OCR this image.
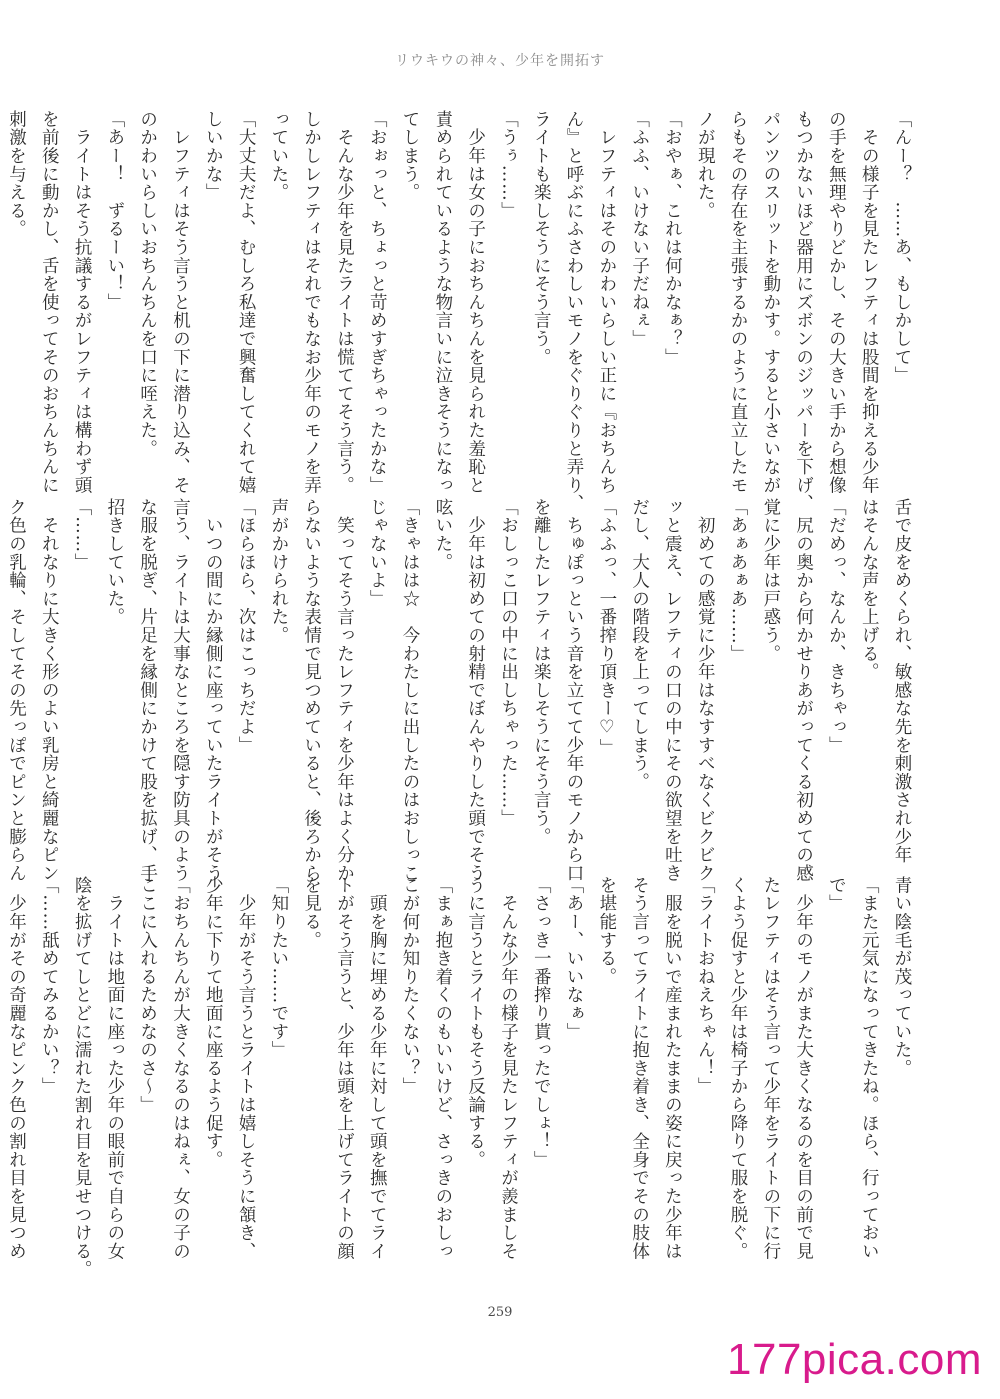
リウキウの神々、少年を開拓す
「んー？　……あ、もしかして」
　その様子を見たレフティは股間を抑える少年
の手を無理やりどかし、その大きい手から想像
もつかないほど器用にズボンのジッパーを下げ、
パンツのスリットを動かす。すると小さいなが
らもその存在を主張するかのように直立したモ
ノが現れた。
「おやぁ、これは何かなぁ？」
「ふふ、いけない子だねぇ」
　レフティはそのかわいらしい正に『おちんち
ん』と呼ぶにふさわしいモノをぐりぐりと弄り、
ライトも楽しそうにそう言う。
「うぅ……」
　少年は女の子におちんちんを見られた羞恥と
責められているような物言いに泣きそうになっ
てしまう。
「おぉっと、ちょっと苛めすぎちゃったかな」
　そんな少年を見たライトは慌ててそう言う。
しかしレフティはそれでもなお少年のモノを弄
っていた。
「大丈夫だよ、むしろ私達で興奮してくれて嬉
しいかな」
　レフティはそう言うと机の下に潜り込み、そ
のかわいらしいおちんちんを口に咥えた。
「あー！　ずるーい！」
　ライトはそう抗議するがレフティは構わず頭
を前後に動かし、舌を使ってそのおちんちんに
刺激を与える。
舌で皮をめくられ、敏感な先を刺激され少年
はそんな声を上げる。
「だめっ、なんか、きちゃっ」
　尻の奥から何かせりあがってくる初めての感
覚に少年は戸惑う。
「あぁあぁあ……」
　初めての感覚に少年はなすすべなくビクビク
ッと震え、レフティの口の中にその欲望を吐き
だし、大人の階段を上ってしまう。
「ふふっ、一番搾り頂きー♡」
　ちゅぽっという音を立てて少年のモノから口
を離したレフティは楽しそうにそう言う。
「おしっこ口の中に出しちゃった……」
　少年は初めての射精でぼんやりした頭でそう
呟いた。
「きゃはは☆　今わたしに出したのはおしっこ
じゃないよ」
　笑ってそう言ったレフティを少年はよく分か
らないような表情で見つめていると、後ろから
声がかけられた。
「ほらほら、次はこっちだよ」
　いつの間にか縁側に座っていたライトがそう
言う、ライトは大事なところを隠す防具のよう
な服を脱ぎ、片足を縁側にかけて股を拡げ、手
招きしていた。
「……」
　それなりに大きく形のよい乳房と綺麗なピン
ク色の乳輪、そしてその先っぽでピンと膨らん
青い陰毛が茂っていた。
「また元気になってきたね。ほら、行っておい
で」
　少年のモノがまた大きくなるのを目の前で見
たレフティはそう言って少年をライトの下に行
くよう促すと少年は椅子から降りて服を脱ぐ。
「ライトおねえちゃん！」
　服を脱いで産まれたままの姿に戻った少年は
そう言ってライトに抱き着き、全身でその肢体
を堪能する。
「あー、いいなぁ」
「さっき一番搾り貰ったでしょ！」
　そんな少年の様子を見たレフティが羨ましそ
うに言うとライトもそう反論する。
「まぁ抱き着くのもいいけど、さっきのおしっ
こが何か知りたくない？」
　頭を胸に埋める少年に対して頭を撫でてライ
トがそう言うと、少年は頭を上げてライトの顔
を見る。
「知りたい……です」
　少年がそう言うとライトは嬉しそうに頷き、
少年に下りて地面に座るよう促す。
「おちんちんが大きくなるのはねぇ、女の子の
ここに入れるためなのさ～」
　ライトは地面に座った少年の眼前で自らの女
陰を拡げてしとどに濡れた割れ目を見せつける。
「……舐めてみるかい？」
　少年がその奇麗なピンク色の割れ目を見つめ
259
177pica.com
